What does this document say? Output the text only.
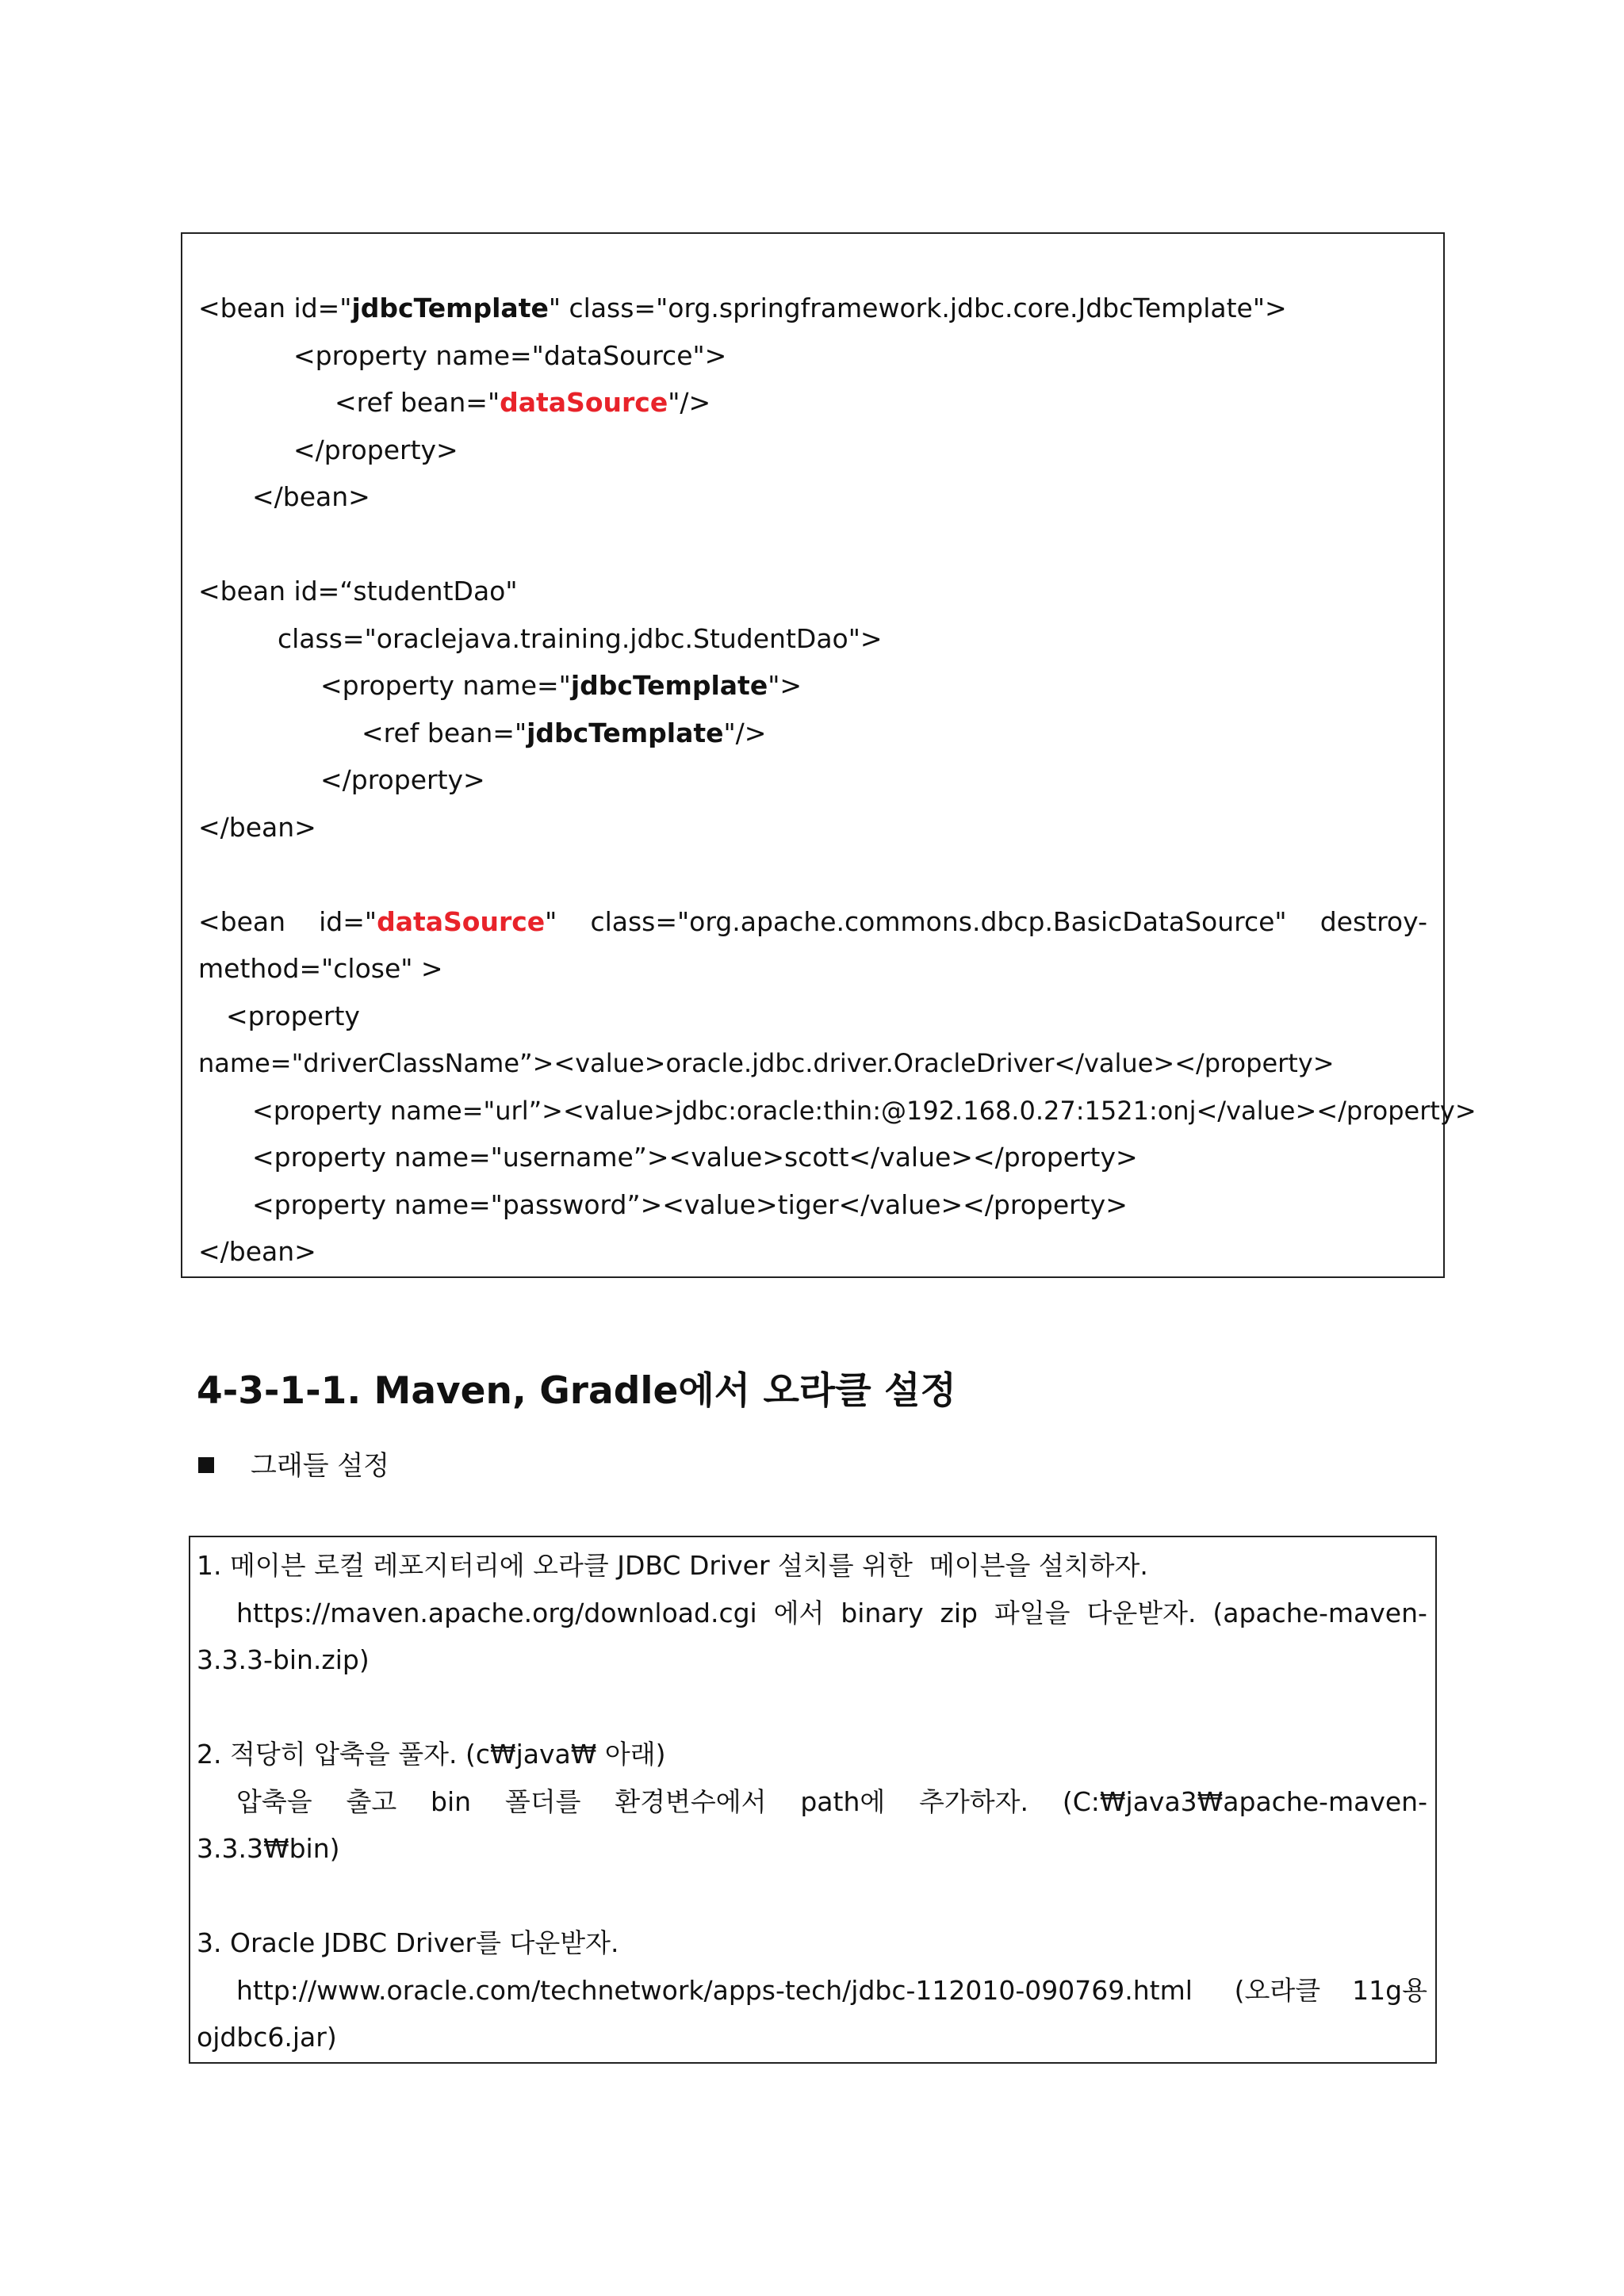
<bean id="jdbcTemplate" class="org.springframework.jdbc.core.JdbcTemplate">
<property name="dataSource">
<ref bean="dataSource"/>
</property>
</bean>
<bean id=“studentDao"
class="oraclejava.training.jdbc.StudentDao">
<property name="jdbcTemplate">
<ref bean="jdbcTemplate"/>
</property>
</bean>
<bean id="dataSource" class="org.apache.commons.dbcp.BasicDataSource" destroy-
method="close" >
<property
name="driverClassName”><value>oracle.jdbc.driver.OracleDriver</value></property>
<property name="url”><value>jdbc:oracle:thin:@192.168.0.27:1521:onj</value></property>
<property name="username”><value>scott</value></property>
<property name="password”><value>tiger</value></property>
</bean>
4-3-1-1. Maven, Gradle에서 오라클 설정
그래들 설정
1. 메이븐 로컬 레포지터리에 오라클 JDBC Driver 설치를 위한  메이븐을 설치하자.
https://maven.apache.org/download.cgi 에서 binary zip 파일을 다운받자. (apache-maven-
3.3.3-bin.zip)
2. 적당히 압축을 풀자. (c₩java₩ 아래)
압축을 출고 bin 폴더를 환경변수에서 path에 추가하자. (C:₩java3₩apache-maven-
3.3.3₩bin)
3. Oracle JDBC Driver를 다운받자.
http://www.oracle.com/technetwork/apps-tech/jdbc-112010-090769.html (오라클 11g용
ojdbc6.jar)
